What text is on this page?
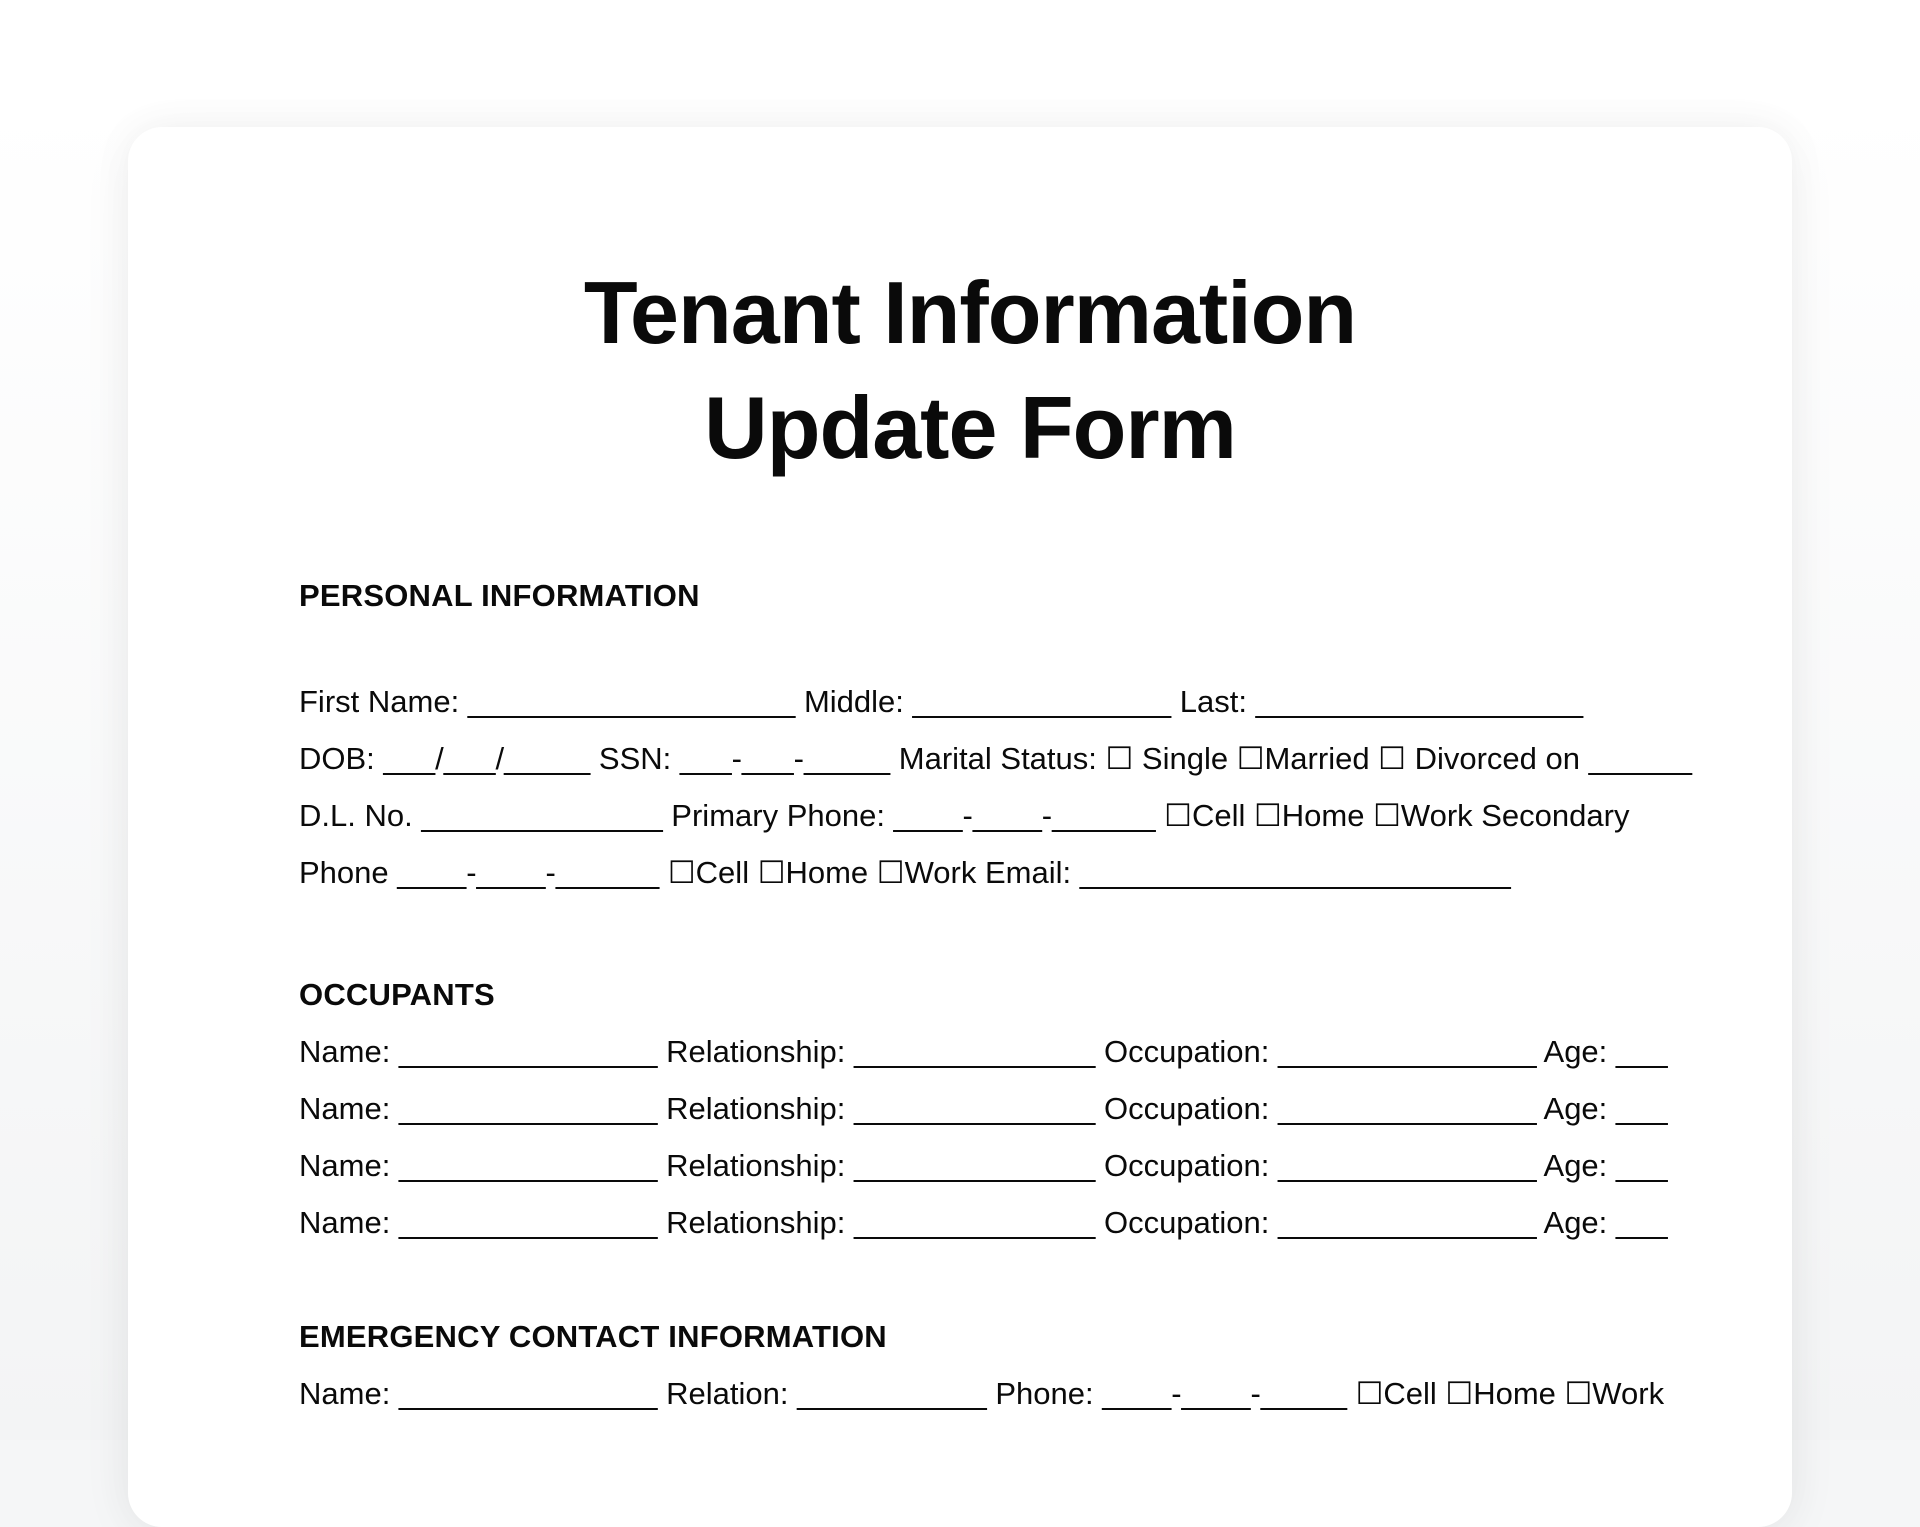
Tenant Information
Update Form
PERSONAL INFORMATION

First Name: ___________________ Middle: _______________ Last: ___________________

DOB: ___/___/_____ SSN: ___-___-_____ Marital Status: ☐ Single ☐Married ☐ Divorced on ______

D.L. No. ______________ Primary Phone: ____-____-______ ☐Cell ☐Home ☐Work Secondary

Phone ____-____-______ ☐Cell ☐Home ☐Work Email: _________________________

OCCUPANTS

Name: _______________ Relationship: ______________ Occupation: _______________ Age: ___

Name: _______________ Relationship: ______________ Occupation: _______________ Age: ___

Name: _______________ Relationship: ______________ Occupation: _______________ Age: ___

Name: _______________ Relationship: ______________ Occupation: _______________ Age: ___

EMERGENCY CONTACT INFORMATION

Name: _______________ Relation: ___________ Phone: ____-____-_____ ☐Cell ☐Home ☐Work
